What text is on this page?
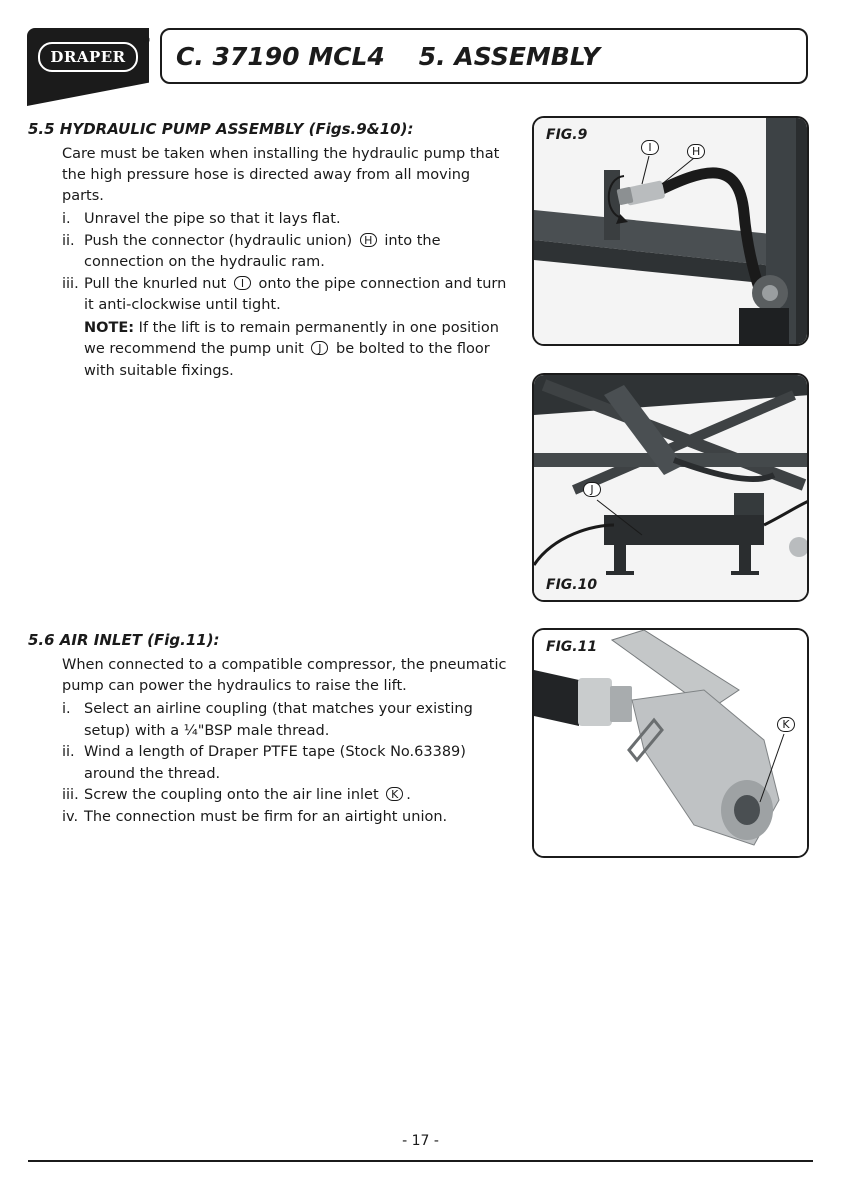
DRAPER
®
C. 37190 MCL4 5. ASSEMBLY

5.5 HYDRAULIC PUMP ASSEMBLY (Figs.9&10):

Care must be taken when installing the hydraulic pump that the high pressure hose is directed away from all moving parts.

i. Unravel the pipe so that it lays flat.
ii. Push the connector (hydraulic union) H into the connection on the hydraulic ram.
iii. Pull the knurled nut I onto the pipe connection and turn it anti-clockwise until tight.
NOTE: If the lift is to remain permanently in one position we recommend the pump unit J be bolted to the floor with suitable fixings.

5.6 AIR INLET (Fig.11):

When connected to a compatible compressor, the pneumatic pump can power the hydraulics to raise the lift.

i. Select an airline coupling (that matches your existing setup) with a ¼"BSP male thread.
ii. Wind a length of Draper PTFE tape (Stock No.63389) around the thread.
iii. Screw the coupling onto the air line inlet K .
iv. The connection must be firm for an airtight union.
FIG.9
I	H
FIG.10
J
FIG.11
K
- 17 -
